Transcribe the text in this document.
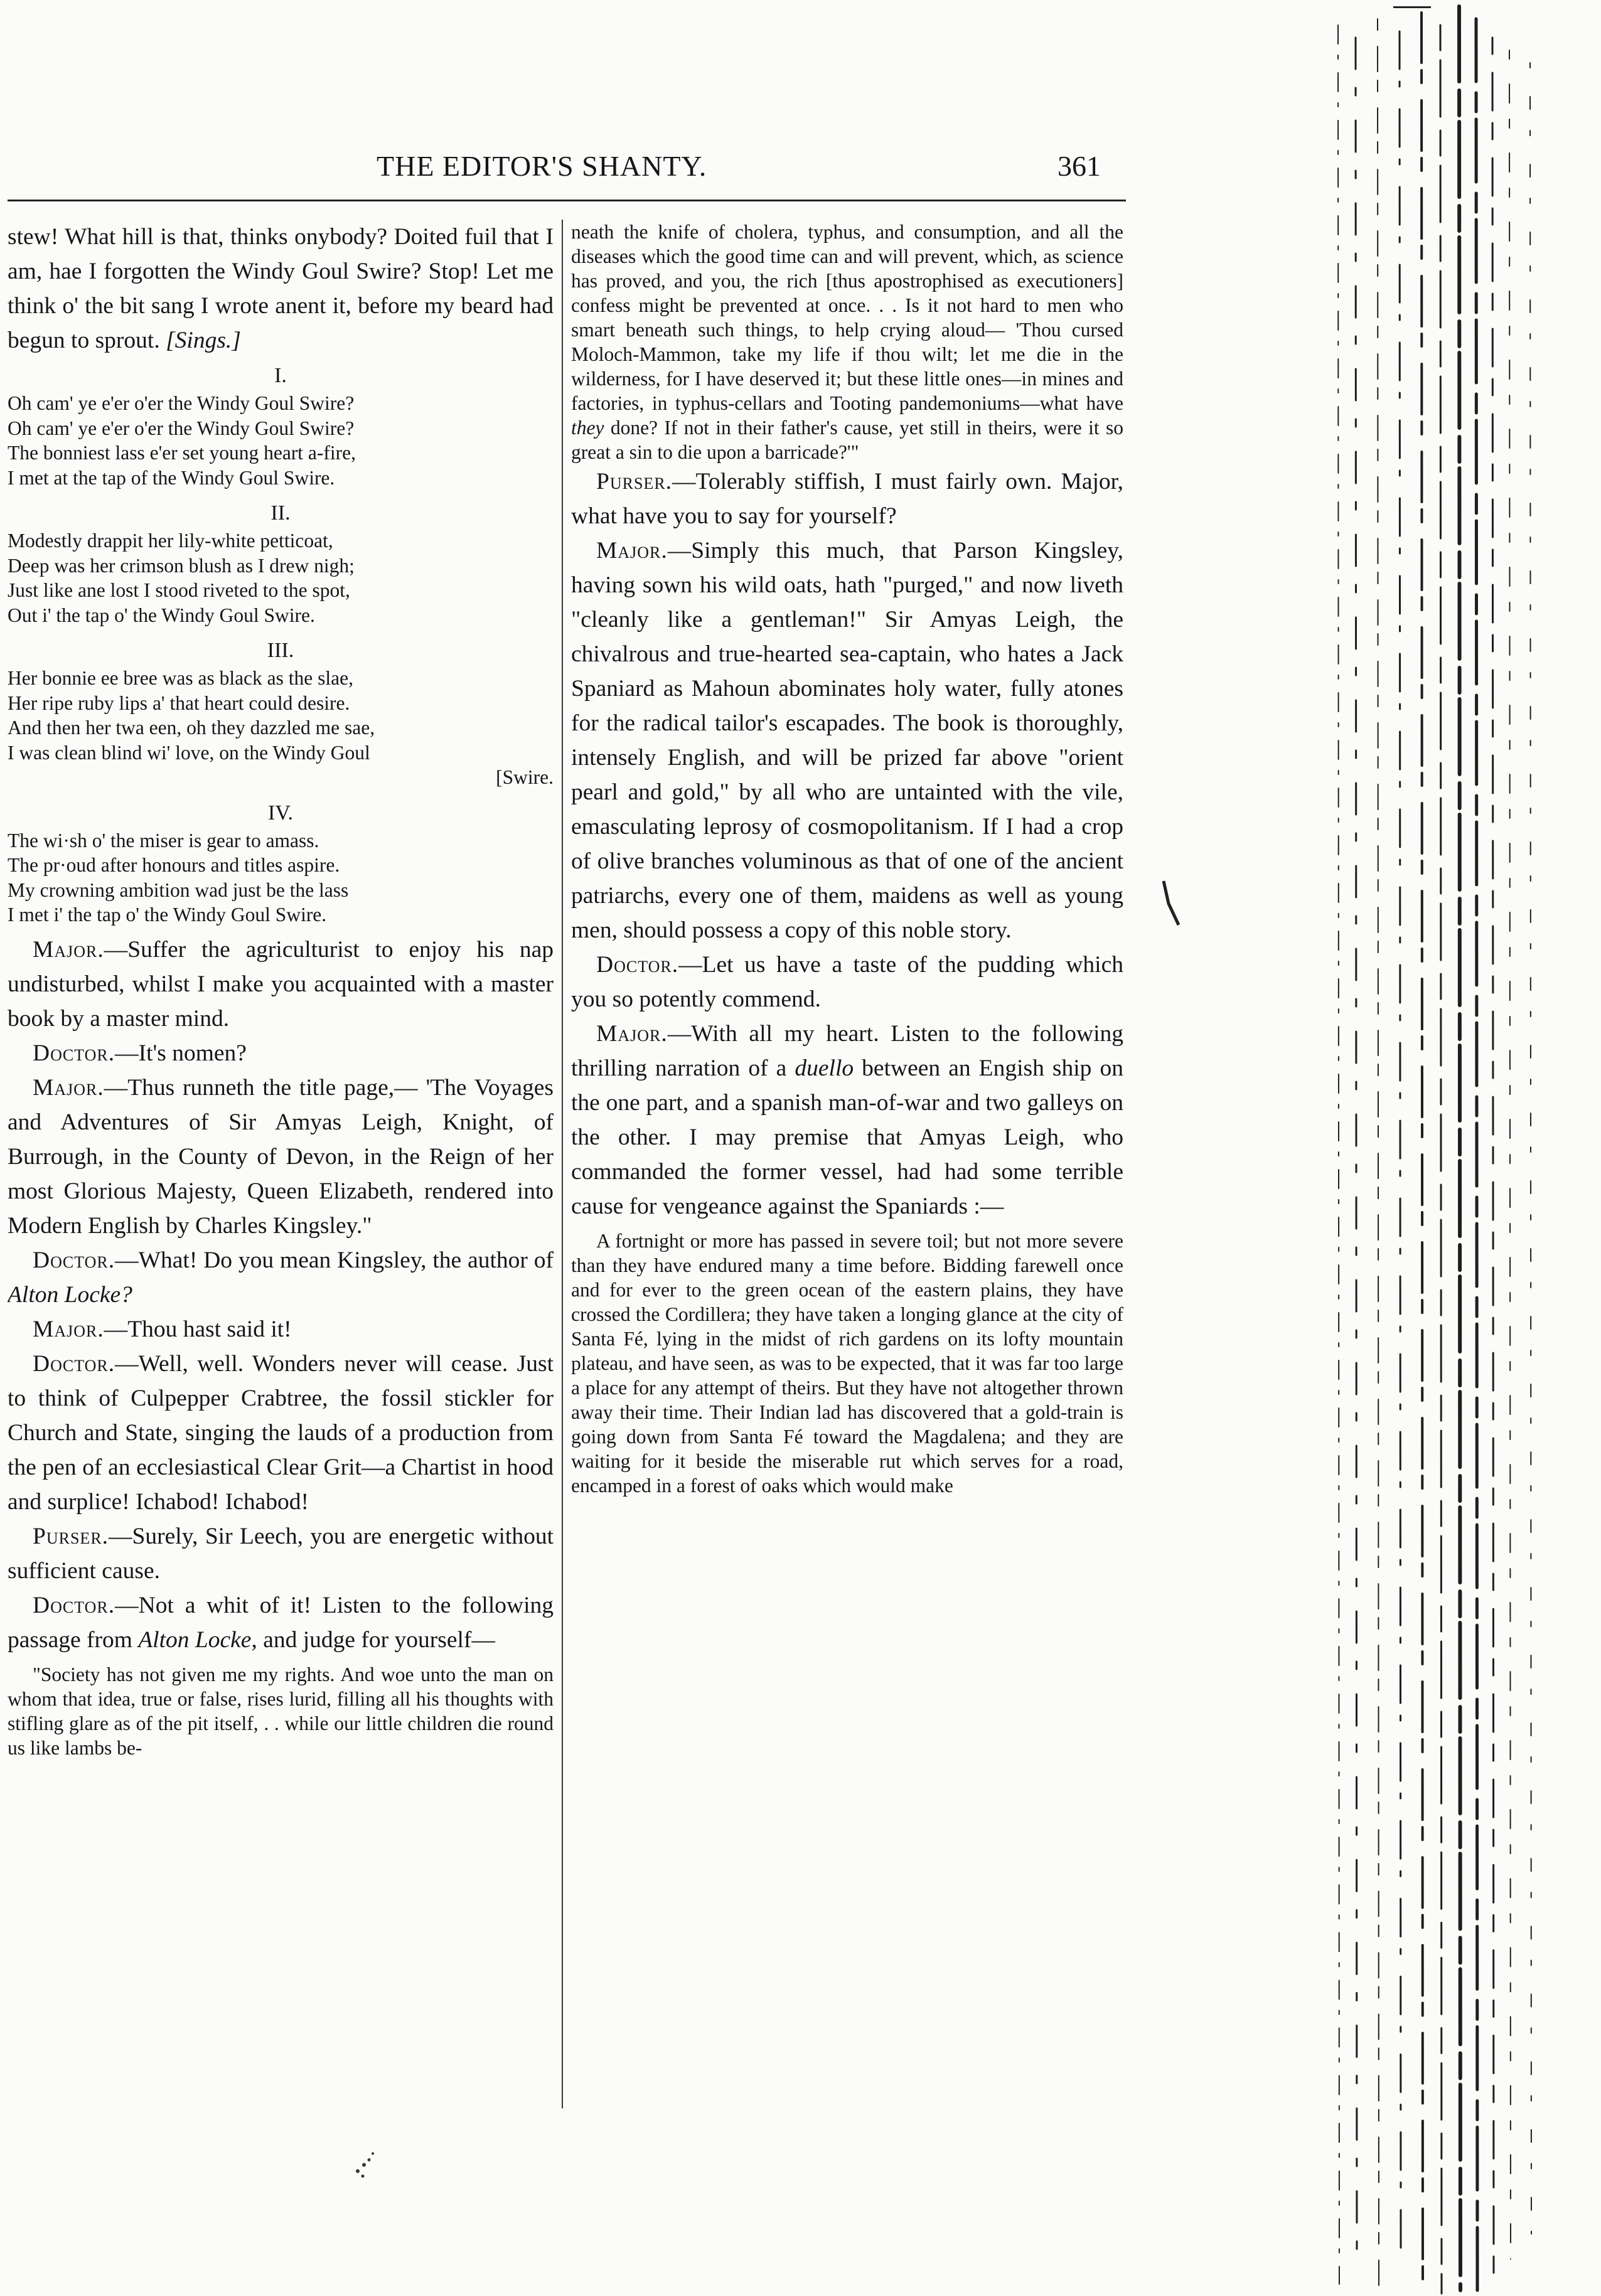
THE EDITOR'S SHANTY.	361

stew! What hill is that, thinks onybody? Doited fuil that I am, hae I forgotten the Windy Goul Swire? Stop! Let me think o' the bit sang I wrote anent it, before my beard had begun to sprout. [Sings.]

I.
Oh cam' ye e'er o'er the Windy Goul Swire?
Oh cam' ye e'er o'er the Windy Goul Swire?
The bonniest lass e'er set young heart a-fire,
I met at the tap of the Windy Goul Swire.
II.
Modestly drappit her lily-white petticoat,
Deep was her crimson blush as I drew nigh;
Just like ane lost I stood riveted to the spot,
Out i' the tap o' the Windy Goul Swire.
III.
Her bonnie ee bree was as black as the slae,
Her ripe ruby lips a' that heart could desire.
And then her twa een, oh they dazzled me sae,
I was clean blind wi' love, on the Windy Goul
[Swire.
IV.
The wi·sh o' the miser is gear to amass.
The pr·oud after honours and titles aspire.
My crowning ambition wad just be the lass
I met i' the tap o' the Windy Goul Swire.

Major.—Suffer the agriculturist to enjoy his nap undisturbed, whilst I make you acquainted with a master book by a master mind.

Doctor.—It's nomen?

Major.—Thus runneth the title page,— 'The Voyages and Adventures of Sir Amyas Leigh, Knight, of Burrough, in the County of Devon, in the Reign of her most Glorious Majesty, Queen Elizabeth, rendered into Modern English by Charles Kingsley."

Doctor.—What! Do you mean Kingsley, the author of Alton Locke?

Major.—Thou hast said it!

Doctor.—Well, well. Wonders never will cease. Just to think of Culpepper Crabtree, the fossil stickler for Church and State, singing the lauds of a production from the pen of an ecclesiastical Clear Grit—a Chartist in hood and surplice! Ichabod! Ichabod!

Purser.—Surely, Sir Leech, you are energetic without sufficient cause.

Doctor.—Not a whit of it! Listen to the following passage from Alton Locke, and judge for yourself—

"Society has not given me my rights. And woe unto the man on whom that idea, true or false, rises lurid, filling all his thoughts with stifling glare as of the pit itself, . . while our little children die round us like lambs be-

neath the knife of cholera, typhus, and consumption, and all the diseases which the good time can and will prevent, which, as science has proved, and you, the rich [thus apostrophised as executioners] confess might be prevented at once. . . Is it not hard to men who smart beneath such things, to help crying aloud— 'Thou cursed Moloch-Mammon, take my life if thou wilt; let me die in the wilderness, for I have deserved it; but these little ones—in mines and factories, in typhus-cellars and Tooting pandemoniums—what have they done? If not in their father's cause, yet still in theirs, were it so great a sin to die upon a barricade?'"

Purser.—Tolerably stiffish, I must fairly own. Major, what have you to say for yourself?

Major.—Simply this much, that Parson Kingsley, having sown his wild oats, hath "purged," and now liveth "cleanly like a gentleman!" Sir Amyas Leigh, the chivalrous and true-hearted sea-captain, who hates a Jack Spaniard as Mahoun abominates holy water, fully atones for the radical tailor's escapades. The book is thoroughly, intensely English, and will be prized far above "orient pearl and gold," by all who are untainted with the vile, emasculating leprosy of cosmopolitanism. If I had a crop of olive branches voluminous as that of one of the ancient patriarchs, every one of them, maidens as well as young men, should possess a copy of this noble story.

Doctor.—Let us have a taste of the pudding which you so potently commend.

Major.—With all my heart. Listen to the following thrilling narration of a duello between an Engish ship on the one part, and a spanish man-of-war and two galleys on the other. I may premise that Amyas Leigh, who commanded the former vessel, had had some terrible cause for vengeance against the Spaniards :—

A fortnight or more has passed in severe toil; but not more severe than they have endured many a time before. Bidding farewell once and for ever to the green ocean of the eastern plains, they have crossed the Cordillera; they have taken a longing glance at the city of Santa Fé, lying in the midst of rich gardens on its lofty mountain plateau, and have seen, as was to be expected, that it was far too large a place for any attempt of theirs. But they have not altogether thrown away their time. Their Indian lad has discovered that a gold-train is going down from Santa Fé toward the Magdalena; and they are waiting for it beside the miserable rut which serves for a road, encamped in a forest of oaks which would make
